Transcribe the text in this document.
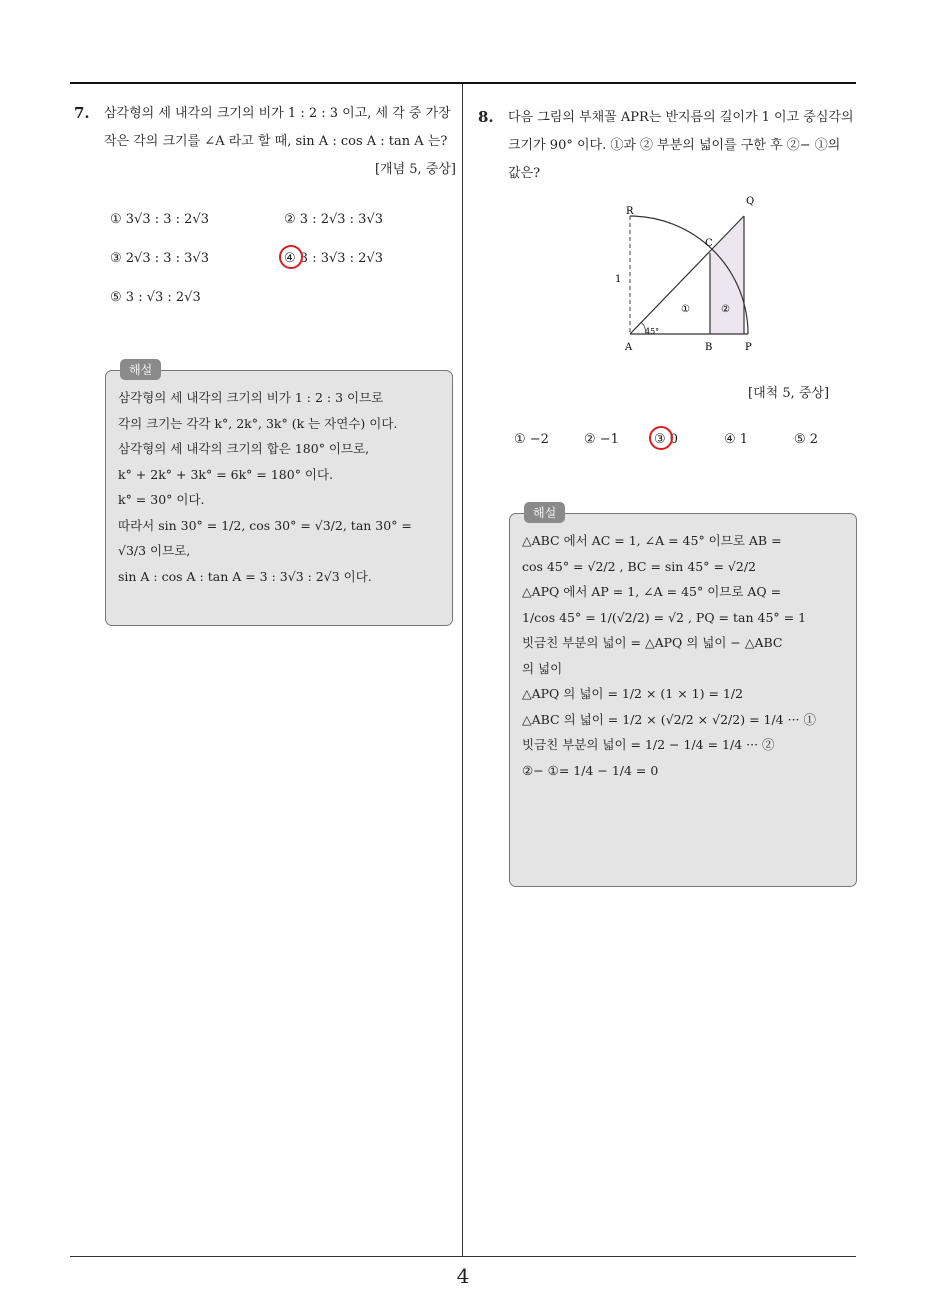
4
7. 삼각형의 세 내각의 크기의 비가 1 : 2 : 3 이고, 세 각 중 가장 작은 각의 크기를 ∠A 라고 할 때, sin A : cos A : tan A 는?
[개념 5, 중상]
① 3√3 : 3 : 2√3	② 3 : 2√3 : 3√3
③ 2√3 : 3 : 3√3	④ 3 : 3√3 : 2√3
⑤ 3 : √3 : 2√3
해설
삼각형의 세 내각의 크기의 비가 1 : 2 : 3 이므로
각의 크기는 각각 k°, 2k°, 3k° (k 는 자연수) 이다.
삼각형의 세 내각의 크기의 합은 180° 이므로,
k° + 2k° + 3k° = 6k° = 180° 이다.
k° = 30° 이다.
따라서 sin 30° = 1/2, cos 30° = √3/2, tan 30° =
√3/3 이므로,
sin A : cos A : tan A = 3 : 3√3 : 2√3 이다.
8. 다음 그림의 부채꼴 APR는 반지름의 길이가 1 이고 중심각의 크기가 90° 이다. ①과 ② 부분의 넓이를 구한 후 ②− ①의 값은?
R
Q
C
A	B	P
1
45°
①	②
[대척 5, 중상]
① −2	② −1	③ 0	④ 1	⑤ 2
해설
△ABC 에서 AC = 1, ∠A = 45° 이므로 AB =
cos 45° = √2/2 , BC = sin 45° = √2/2
△APQ 에서 AP = 1, ∠A = 45° 이므로 AQ =
1/cos 45° = 1/(√2/2) = √2 , PQ = tan 45° = 1
빗금친 부분의 넓이 = △APQ 의 넓이 − △ABC
의 넓이
△APQ 의 넓이 = 1/2 × (1 × 1) = 1/2
△ABC 의 넓이 = 1/2 × (√2/2 × √2/2) = 1/4 ··· ①
빗금친 부분의 넓이 = 1/2 − 1/4 = 1/4 ··· ②
②− ①= 1/4 − 1/4 = 0
